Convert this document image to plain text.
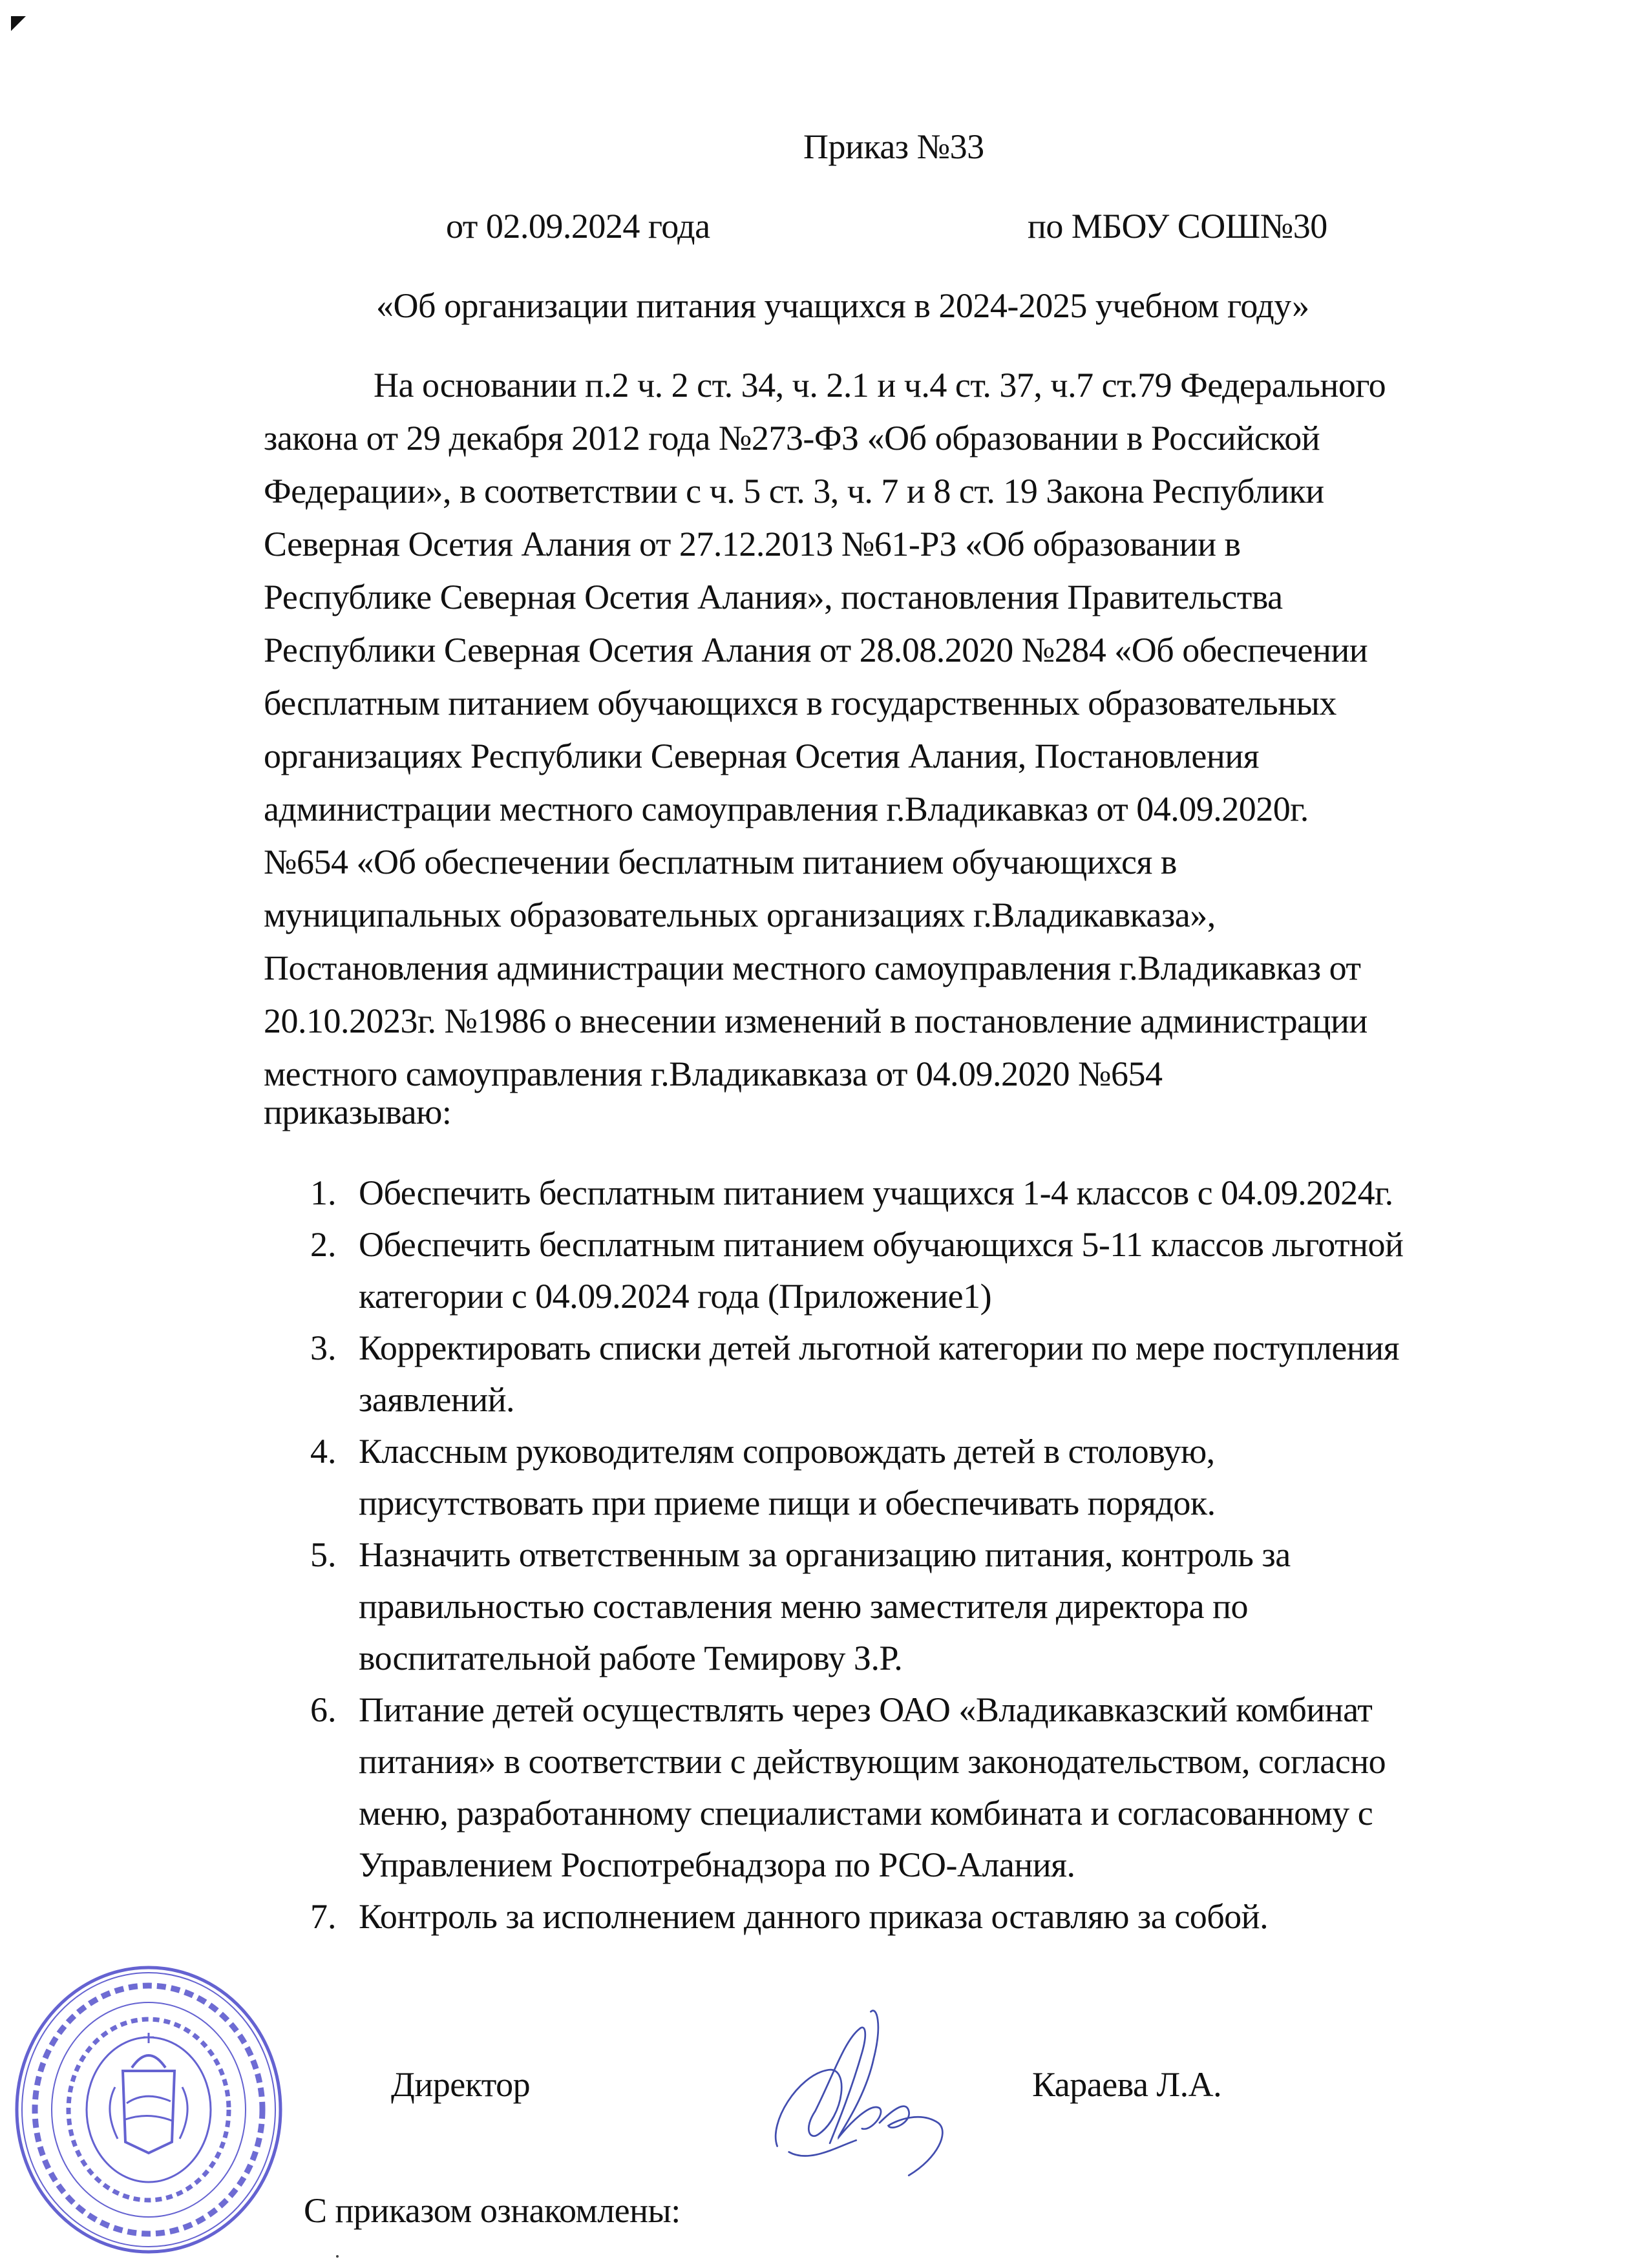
Приказ №33
от 02.09.2024 года	по МБОУ СОШ№30
«Об организации питания учащихся в 2024-2025 учебном году»
На основании п.2 ч. 2 ст. 34, ч. 2.1 и ч.4 ст. 37, ч.7 ст.79 Федерального
закона от 29 декабря 2012 года №273-ФЗ «Об образовании в Российской
Федерации», в соответствии с ч. 5 ст. 3, ч. 7 и 8 ст. 19 Закона Республики
Северная Осетия Алания от 27.12.2013 №61-РЗ «Об образовании в
Республике Северная Осетия Алания», постановления Правительства
Республики Северная Осетия Алания от 28.08.2020 №284 «Об обеспечении
бесплатным питанием обучающихся в государственных образовательных
организациях Республики Северная Осетия Алания, Постановления
администрации местного самоуправления г.Владикавказ от 04.09.2020г.
№654 «Об обеспечении бесплатным питанием обучающихся в
муниципальных образовательных организациях г.Владикавказа»,
Постановления администрации местного самоуправления г.Владикавказ от
20.10.2023г. №1986 о внесении изменений в постановление администрации
местного самоуправления г.Владикавказа от 04.09.2020 №654
приказываю:
1. Обеспечить бесплатным питанием учащихся 1-4 классов с 04.09.2024г.
2. Обеспечить бесплатным питанием обучающихся 5-11 классов льготной
категории с 04.09.2024 года (Приложение1)
3. Корректировать списки детей льготной категории по мере поступления
заявлений.
4. Классным руководителям сопровождать детей в столовую,
присутствовать при приеме пищи и обеспечивать порядок.
5. Назначить ответственным за организацию питания, контроль за
правильностью составления меню заместителя директора по
воспитательной работе Темирову З.Р.
6. Питание детей осуществлять через ОАО «Владикавказский комбинат
питания» в соответствии с действующим законодательством, согласно
меню, разработанному специалистами комбината и согласованному с
Управлением Роспотребнадзора по РСО-Алания.
7. Контроль за исполнением данного приказа оставляю за собой.
Директор	Караева Л.А.
С приказом ознакомлены:
